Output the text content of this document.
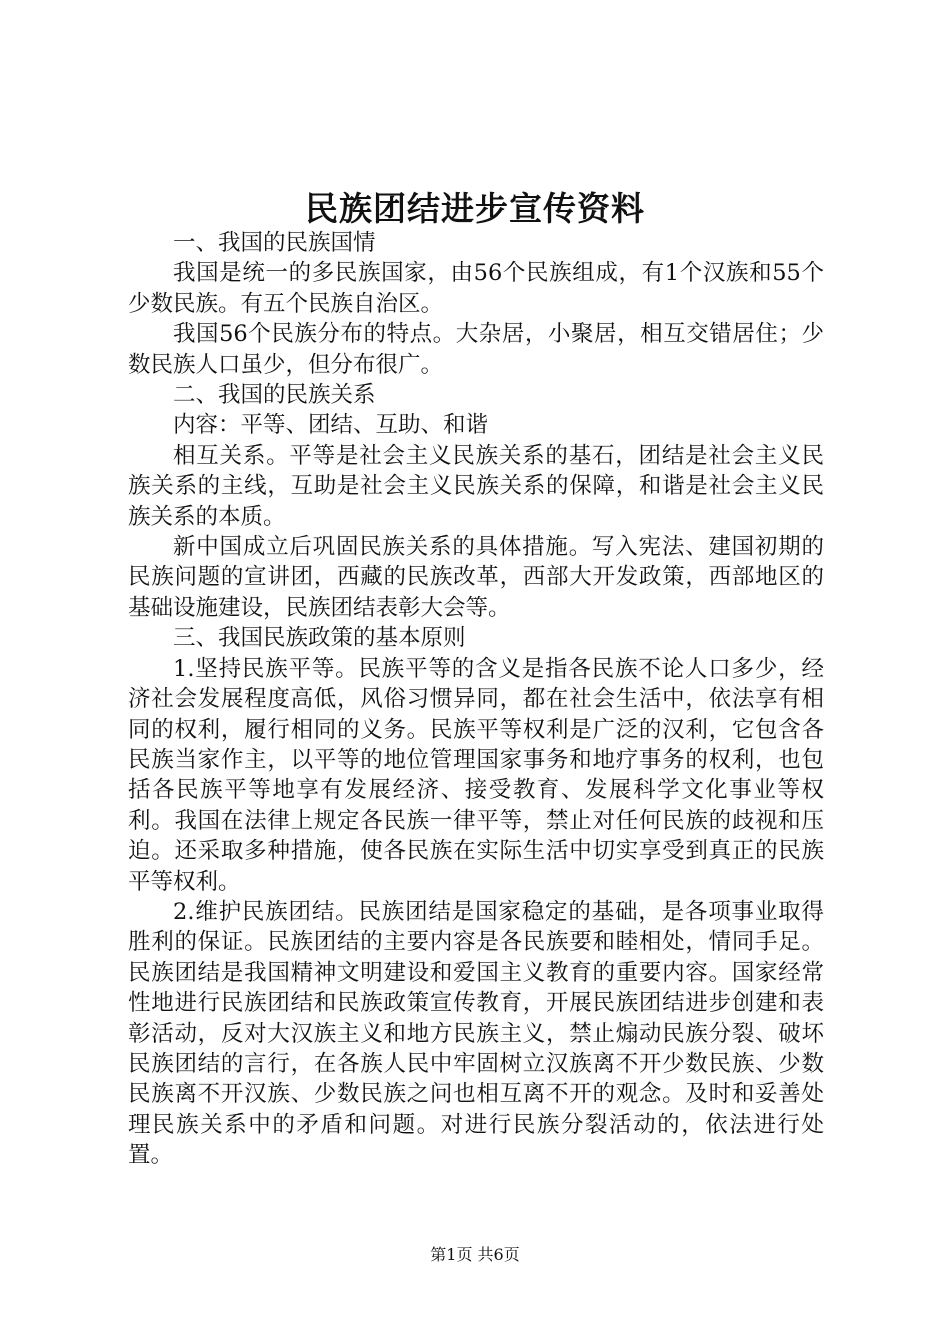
民族团结进步宣传资料

一、我国的民族国情

我国是统一的多民族国家，由56个民族组成，有1个汉族和55个少数民族。有五个民族自治区。

我国56个民族分布的特点。大杂居，小聚居，相互交错居住；少数民族人口虽少，但分布很广。

二、我国的民族关系

内容：平等、团结、互助、和谐

相互关系。平等是社会主义民族关系的基石，团结是社会主义民族关系的主线，互助是社会主义民族关系的保障，和谐是社会主义民族关系的本质。

新中国成立后巩固民族关系的具体措施。写入宪法、建国初期的民族问题的宣讲团，西藏的民族改革，西部大开发政策，西部地区的基础设施建设，民族团结表彰大会等。

三、我国民族政策的基本原则

1.坚持民族平等。民族平等的含义是指各民族不论人口多少，经济社会发展程度高低，风俗习惯异同，都在社会生活中，依法享有相同的权利，履行相同的义务。民族平等权利是广泛的汉利，它包含各民族当家作主，以平等的地位管理国家事务和地疗事务的权利，也包括各民族平等地享有发展经济、接受教育、发展科学文化事业等权利。我国在法律上规定各民族一律平等，禁止对任何民族的歧视和压迫。还采取多种措施，使各民族在实际生活中切实享受到真正的民族平等权利。

2.维护民族团结。民族团结是国家稳定的基础，是各项事业取得胜利的保证。民族团结的主要内容是各民族要和睦相处，情同手足。民族团结是我国精神文明建设和爱国主义教育的重要内容。国家经常性地进行民族团结和民族政策宣传教育，开展民族团结进步创建和表彰活动，反对大汉族主义和地方民族主义，禁止煽动民族分裂、破坏民族团结的言行，在各族人民中牢固树立汉族离不开少数民族、少数民族离不开汉族、少数民族之问也相互离不开的观念。及时和妥善处理民族关系中的矛盾和问题。对进行民族分裂活动的，依法进行处置。

第1页 共6页
